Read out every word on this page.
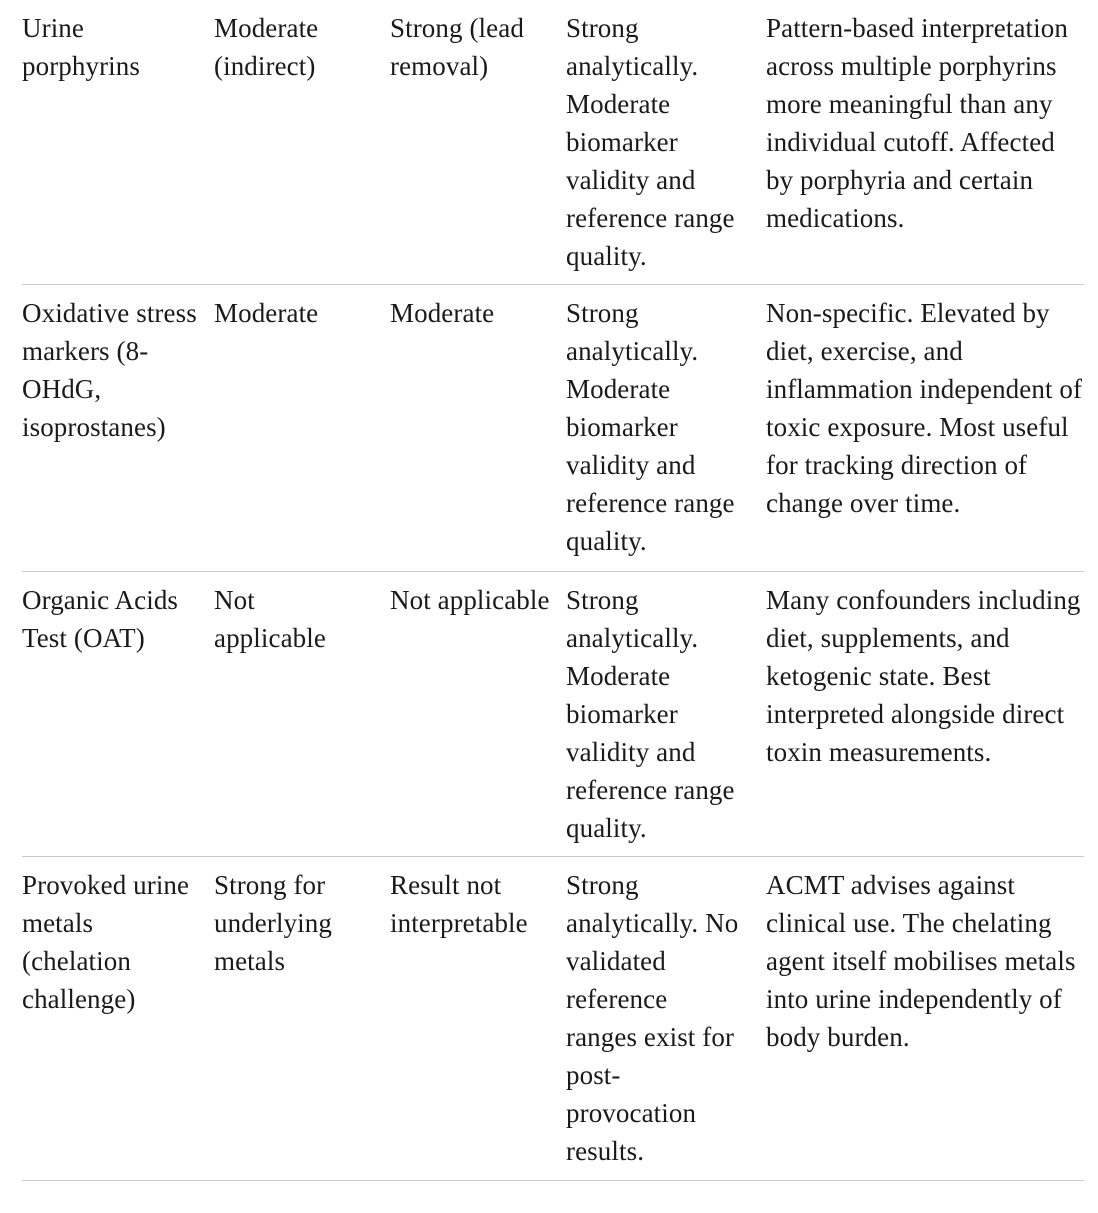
Urine porphyrins	Moderate (indirect)	Strong (lead removal)	Strong analytically. Moderate biomarker validity and reference range quality.	Pattern-based interpretation across multiple porphyrins more meaningful than any individual cutoff. Affected by porphyria and certain medications.

Oxidative stress markers (8-OHdG, isoprostanes)	Moderate	Moderate	Strong analytically. Moderate biomarker validity and reference range quality.	Non-specific. Elevated by diet, exercise, and inflammation independent of toxic exposure. Most useful for tracking direction of change over time.

Organic Acids Test (OAT)	Not applicable	Not applicable	Strong analytically. Moderate biomarker validity and reference range quality.	Many confounders including diet, supplements, and ketogenic state. Best interpreted alongside direct toxin measurements.

Provoked urine metals (chelation challenge)	Strong for underlying metals	Result not interpretable	Strong analytically. No validated reference ranges exist for post-provocation results.	ACMT advises against clinical use. The chelating agent itself mobilises metals into urine independently of body burden.
